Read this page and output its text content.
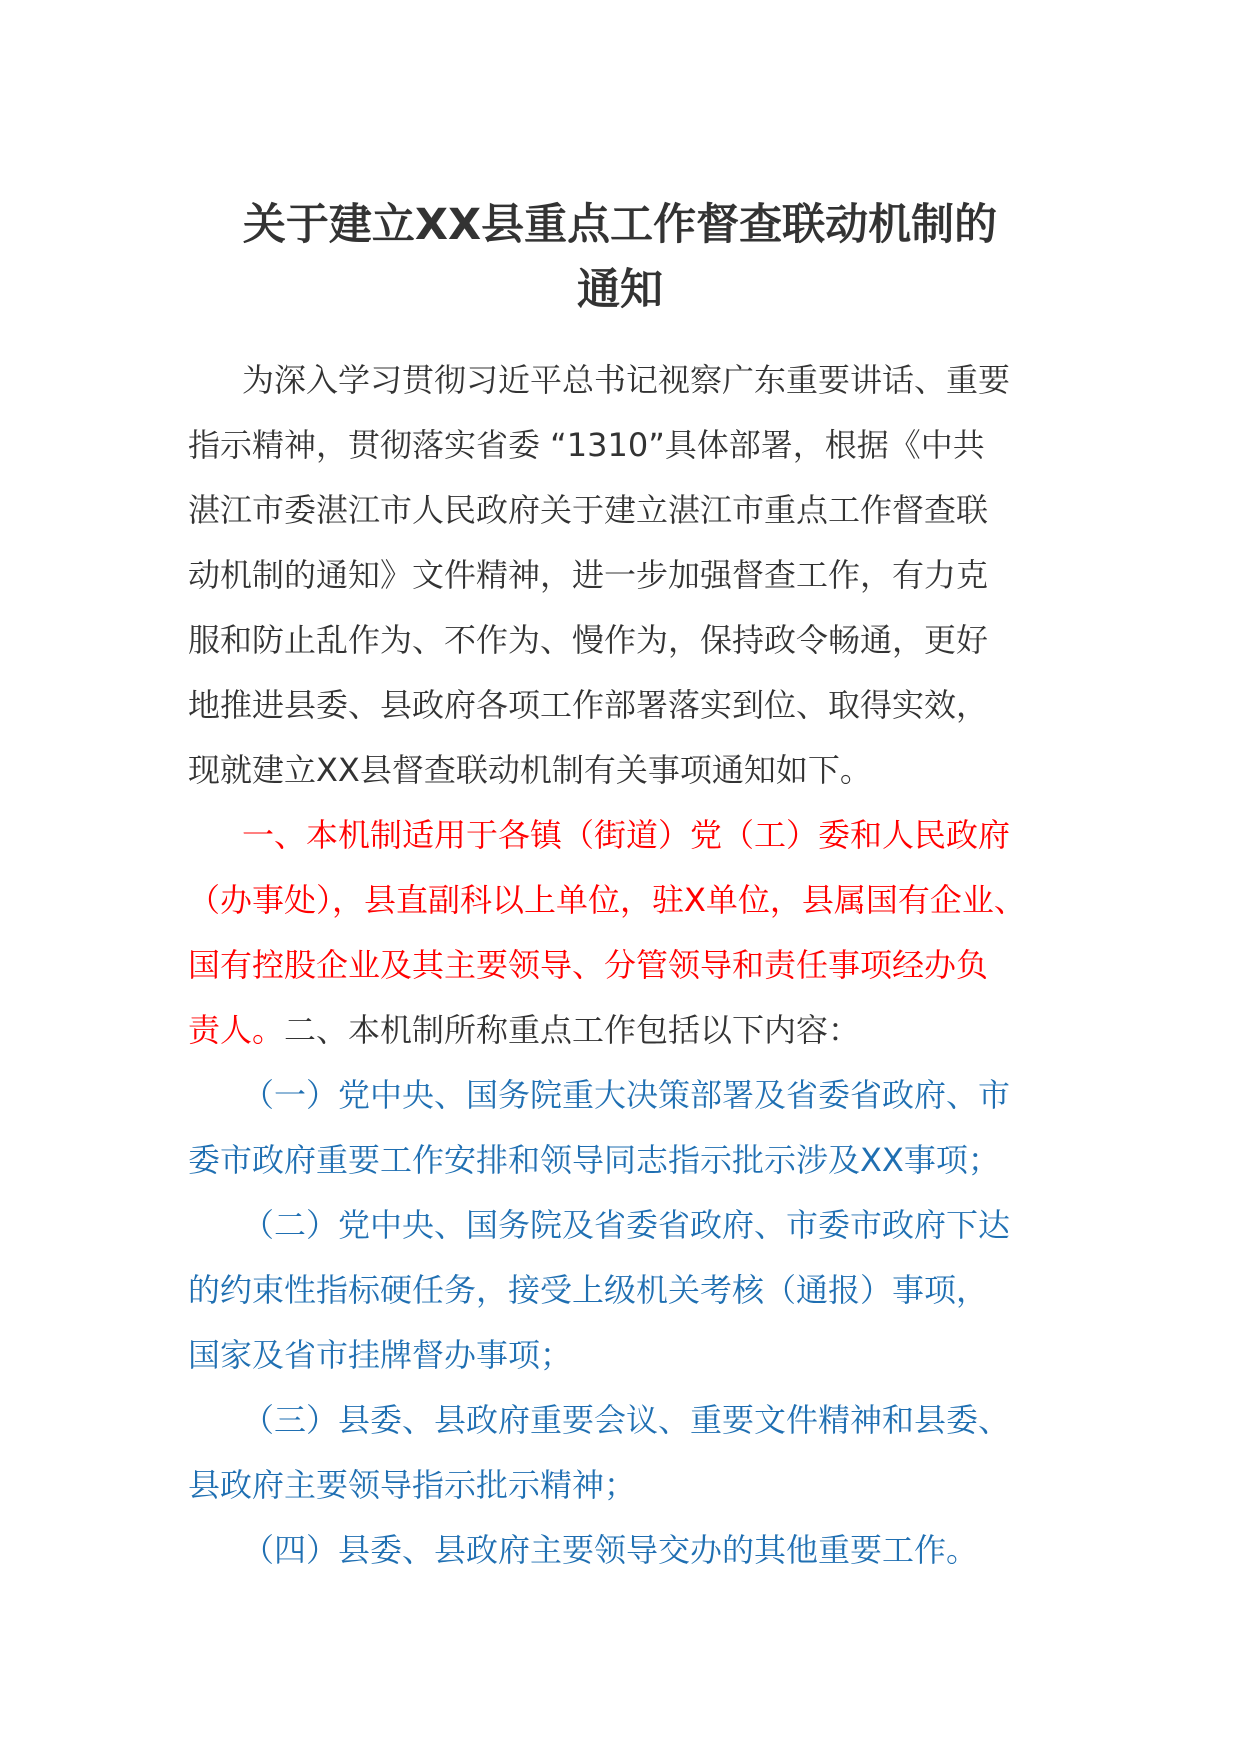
关于建立XX县重点工作督查联动机制的
通知
为深入学习贯彻习近平总书记视察广东重要讲话、重要
指示精神，贯彻落实省委 “1310”具体部署，根据《中共
湛江市委湛江市人民政府关于建立湛江市重点工作督查联
动机制的通知》文件精神，进一步加强督查工作，有力克
服和防止乱作为、不作为、慢作为，保持政令畅通，更好
地推进县委、县政府各项工作部署落实到位、取得实效，
现就建立XX县督查联动机制有关事项通知如下。
一、本机制适用于各镇（街道）党（工）委和人民政府
（办事处），县直副科以上单位，驻X单位，县属国有企业、
国有控股企业及其主要领导、分管领导和责任事项经办负
责人。二、本机制所称重点工作包括以下内容：
（一）党中央、国务院重大决策部署及省委省政府、市
委市政府重要工作安排和领导同志指示批示涉及XX事项；
（二）党中央、国务院及省委省政府、市委市政府下达
的约束性指标硬任务，接受上级机关考核（通报）事项，
国家及省市挂牌督办事项；
（三）县委、县政府重要会议、重要文件精神和县委、
县政府主要领导指示批示精神；
（四）县委、县政府主要领导交办的其他重要工作。
